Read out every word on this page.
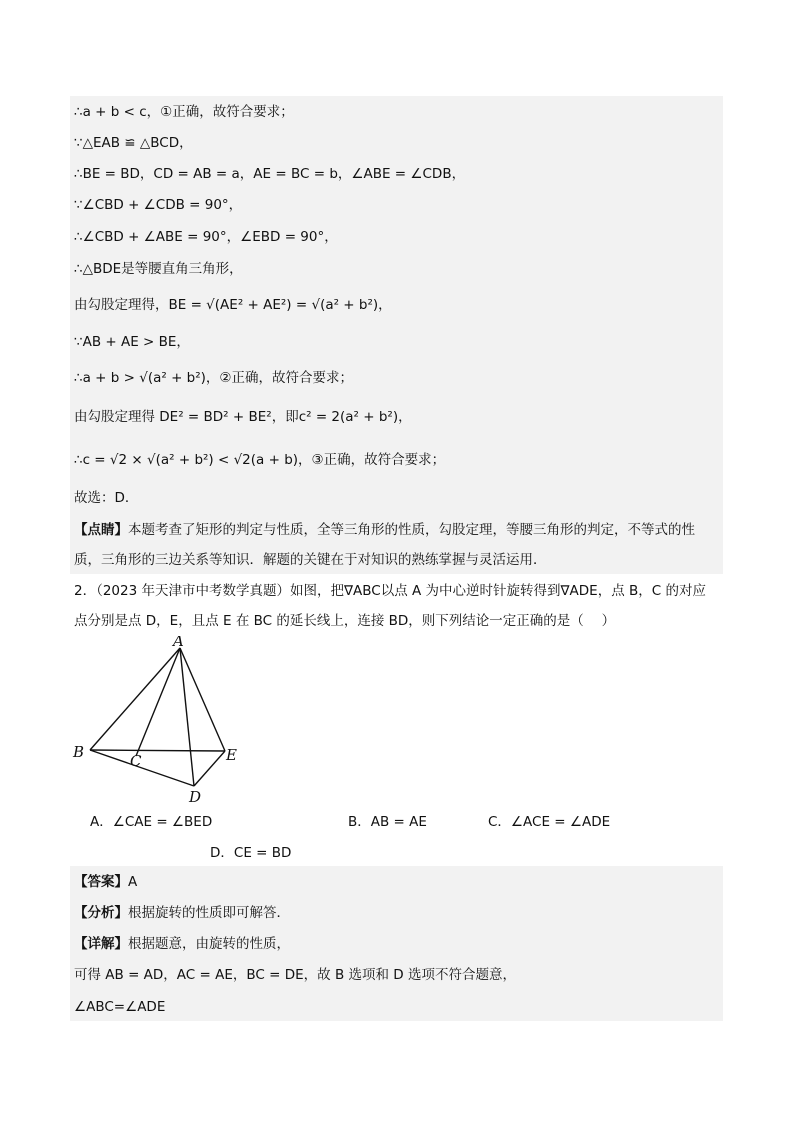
∴a + b < c，①正确，故符合要求；
∵△EAB ≌ △BCD，
∴BE = BD，CD = AB = a，AE = BC = b，∠ABE = ∠CDB，
∵∠CBD + ∠CDB = 90°，
∴∠CBD + ∠ABE = 90°，∠EBD = 90°，
∴△BDE是等腰直角三角形，
由勾股定理得，BE = √(AE² + AE²) = √(a² + b²)，
∵AB + AE > BE，
∴a + b > √(a² + b²)，②正确，故符合要求；
由勾股定理得 DE² = BD² + BE²，即c² = 2(a² + b²)，
∴c = √2 × √(a² + b²) < √2(a + b)，③正确，故符合要求；
故选：D．
【点睛】本题考查了矩形的判定与性质，全等三角形的性质，勾股定理，等腰三角形的判定，不等式的性
质，三角形的三边关系等知识．解题的关键在于对知识的熟练掌握与灵活运用．
2．（2023 年天津市中考数学真题）如图，把∇ABC以点 A 为中心逆时针旋转得到∇ADE，点 B，C 的对应
点分别是点 D，E，且点 E 在 BC 的延长线上，连接 BD，则下列结论一定正确的是（　 ）
A
B	C
D
E
A．∠CAE = ∠BED	B．AB = AE	C．∠ACE = ∠ADE
D．CE = BD
【答案】A
【分析】根据旋转的性质即可解答．
【详解】根据题意，由旋转的性质，
可得 AB = AD，AC = AE，BC = DE，故 B 选项和 D 选项不符合题意，
∠ABC=∠ADE
